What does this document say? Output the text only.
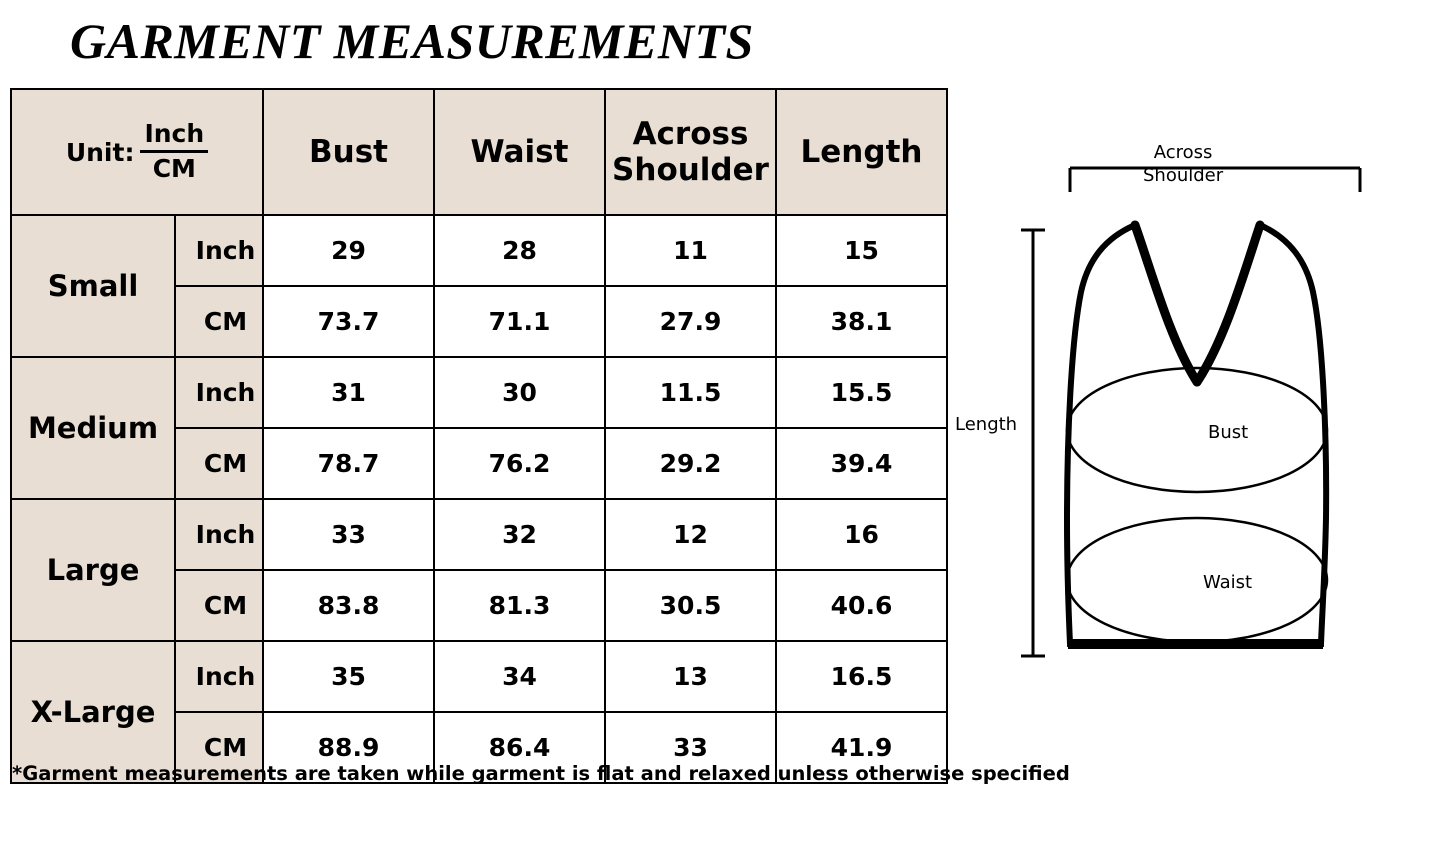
GARMENT MEASUREMENTS
Unit: $\frac{\text{Inch}}{CM}$		Bust	Waist	Across Shoulder	Length
Small	Inch	29	28	11	15
	CM	73.7	71.1	27.9	38.1
Medium	Inch	31	30	11.5	15.5
	CM	78.7	76.2	29.2	39.4
Large	Inch	33	32	12	16
	CM	83.8	81.3	30.5	40.6
X-Large	Inch	35	34	13	16.5
	CM	88.9	86.4	33	41.9
*Garment measurements are taken while garment is flat and relaxed unless otherwise specified
Across
Shoulder
Length	Bust
Waist
